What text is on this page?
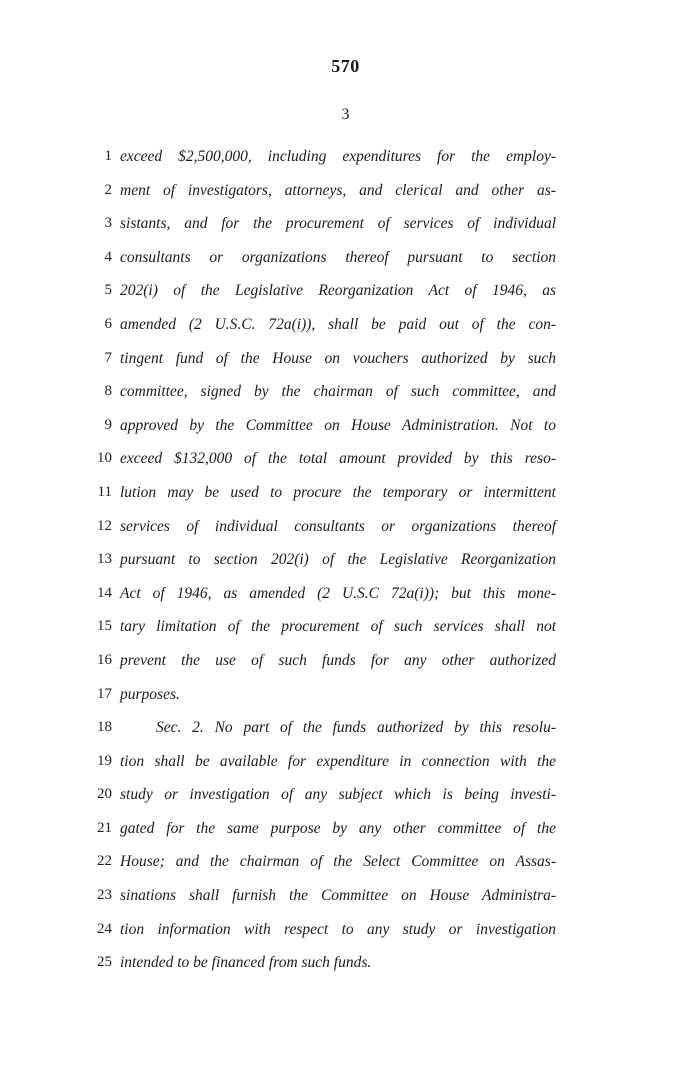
570
3
1 exceed $2,500,000, including expenditures for the employ-
2 ment of investigators, attorneys, and clerical and other as-
3 sistants, and for the procurement of services of individual
4 consultants or organizations thereof pursuant to section
5 202(i) of the Legislative Reorganization Act of 1946, as
6 amended (2 U.S.C. 72a(i)), shall be paid out of the con-
7 tingent fund of the House on vouchers authorized by such
8 committee, signed by the chairman of such committee, and
9 approved by the Committee on House Administration. Not to
10 exceed $132,000 of the total amount provided by this reso-
11 lution may be used to procure the temporary or intermittent
12 services of individual consultants or organizations thereof
13 pursuant to section 202(i) of the Legislative Reorganization
14 Act of 1946, as amended (2 U.S.C 72a(i)); but this mone-
15 tary limitation of the procurement of such services shall not
16 prevent the use of such funds for any other authorized
17 purposes.
18	Sec. 2. No part of the funds authorized by this resolu-
19 tion shall be available for expenditure in connection with the
20 study or investigation of any subject which is being investi-
21 gated for the same purpose by any other committee of the
22 House; and the chairman of the Select Committee on Assas-
23 sinations shall furnish the Committee on House Administra-
24 tion information with respect to any study or investigation
25 intended to be financed from such funds.
